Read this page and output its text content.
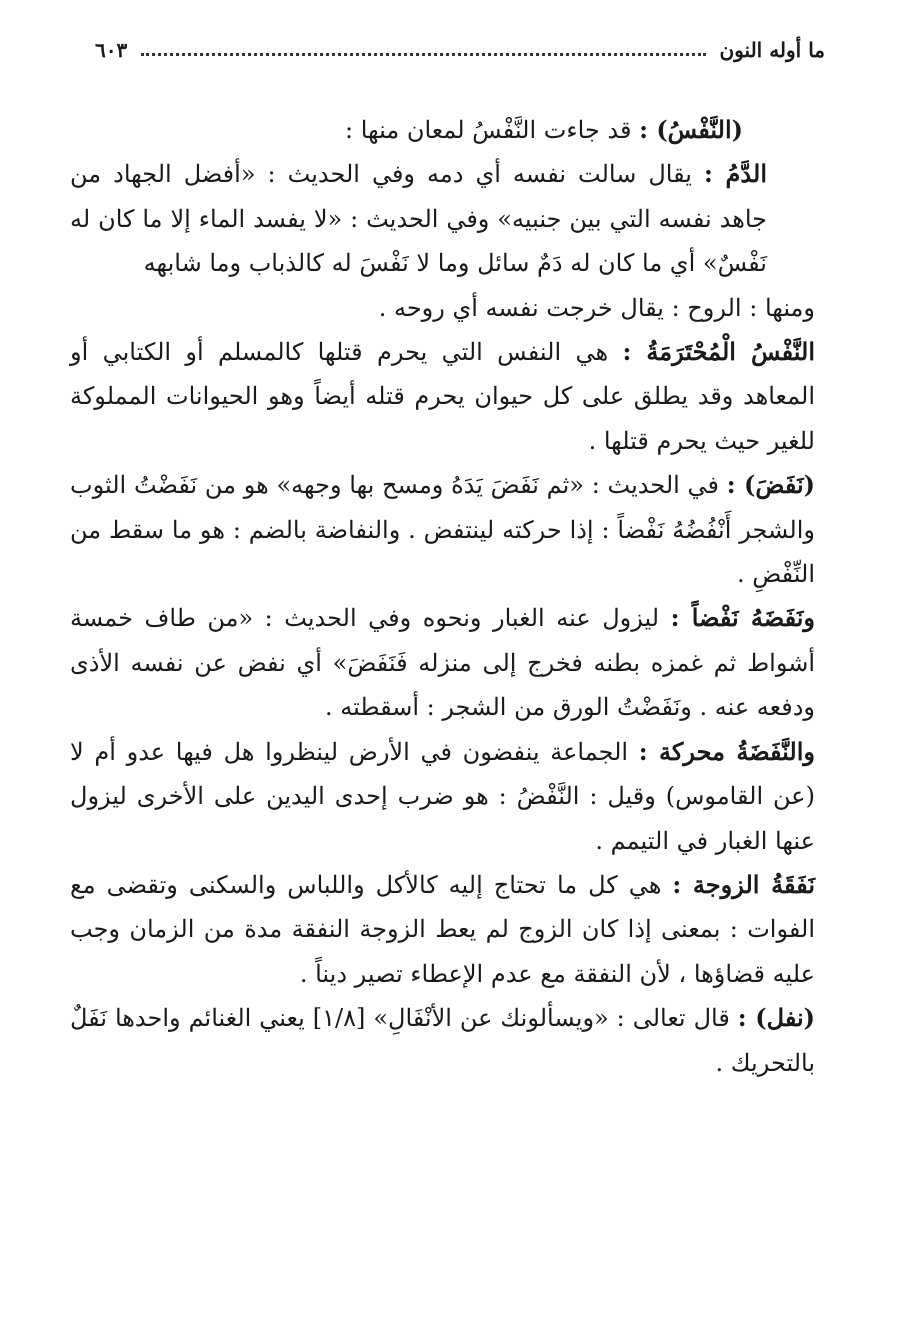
ما أوله النون
٦٠٣

(النَّفْسُ) : قد جاءت النَّفْسُ لمعان منها :

الدَّمُ : يقال سالت نفسه أي دمه وفي الحديث : «أفضل الجهاد من جاهد نفسه التي بين جنبيه» وفي الحديث : «لا يفسد الماء إلا ما كان له نَفْسٌ» أي ما كان له دَمٌ سائل وما لا نَفْسَ له كالذباب وما شابهه

ومنها : الروح : يقال خرجت نفسه أي روحه .

النَّفْسُ الْمُحْتَرَمَةُ : هي النفس التي يحرم قتلها كالمسلم أو الكتابي أو المعاهد وقد يطلق على كل حيوان يحرم قتله أيضاً وهو الحيوانات المملوكة للغير حيث يحرم قتلها .

(نَفَضَ) : في الحديث : «ثم نَفَضَ يَدَهُ ومسح بها وجهه» هو من نَفَضْتُ الثوب والشجر أَنْفُضُهُ نَفْضاً : إذا حركته لينتفض . والنفاضة بالضم : هو ما سقط من النِّفْضِ .

ونَفَضَهُ نَفْضاً : ليزول عنه الغبار ونحوه وفي الحديث : «من طاف خمسة أشواط ثم غمزه بطنه فخرج إلى منزله فَنَفَضَ» أي نفض عن نفسه الأذى ودفعه عنه . ونَفَضْتُ الورق من الشجر : أسقطته .

والنَّفَضَةُ محركة : الجماعة ينفضون في الأرض لينظروا هل فيها عدو أم لا (عن القاموس) وقيل : النَّفْضُ : هو ضرب إحدى اليدين على الأخرى ليزول عنها الغبار في التيمم .

نَفَقَةُ الزوجة : هي كل ما تحتاج إليه كالأكل واللباس والسكنى وتقضى مع الفوات : بمعنى إذا كان الزوج لم يعط الزوجة النفقة مدة من الزمان وجب عليه قضاؤها ، لأن النفقة مع عدم الإعطاء تصير ديناً .

(نفل) : قال تعالى : «ويسألونك عن الأنْفَالِ» [١/٨] يعني الغنائم واحدها نَفَلٌ بالتحريك .
